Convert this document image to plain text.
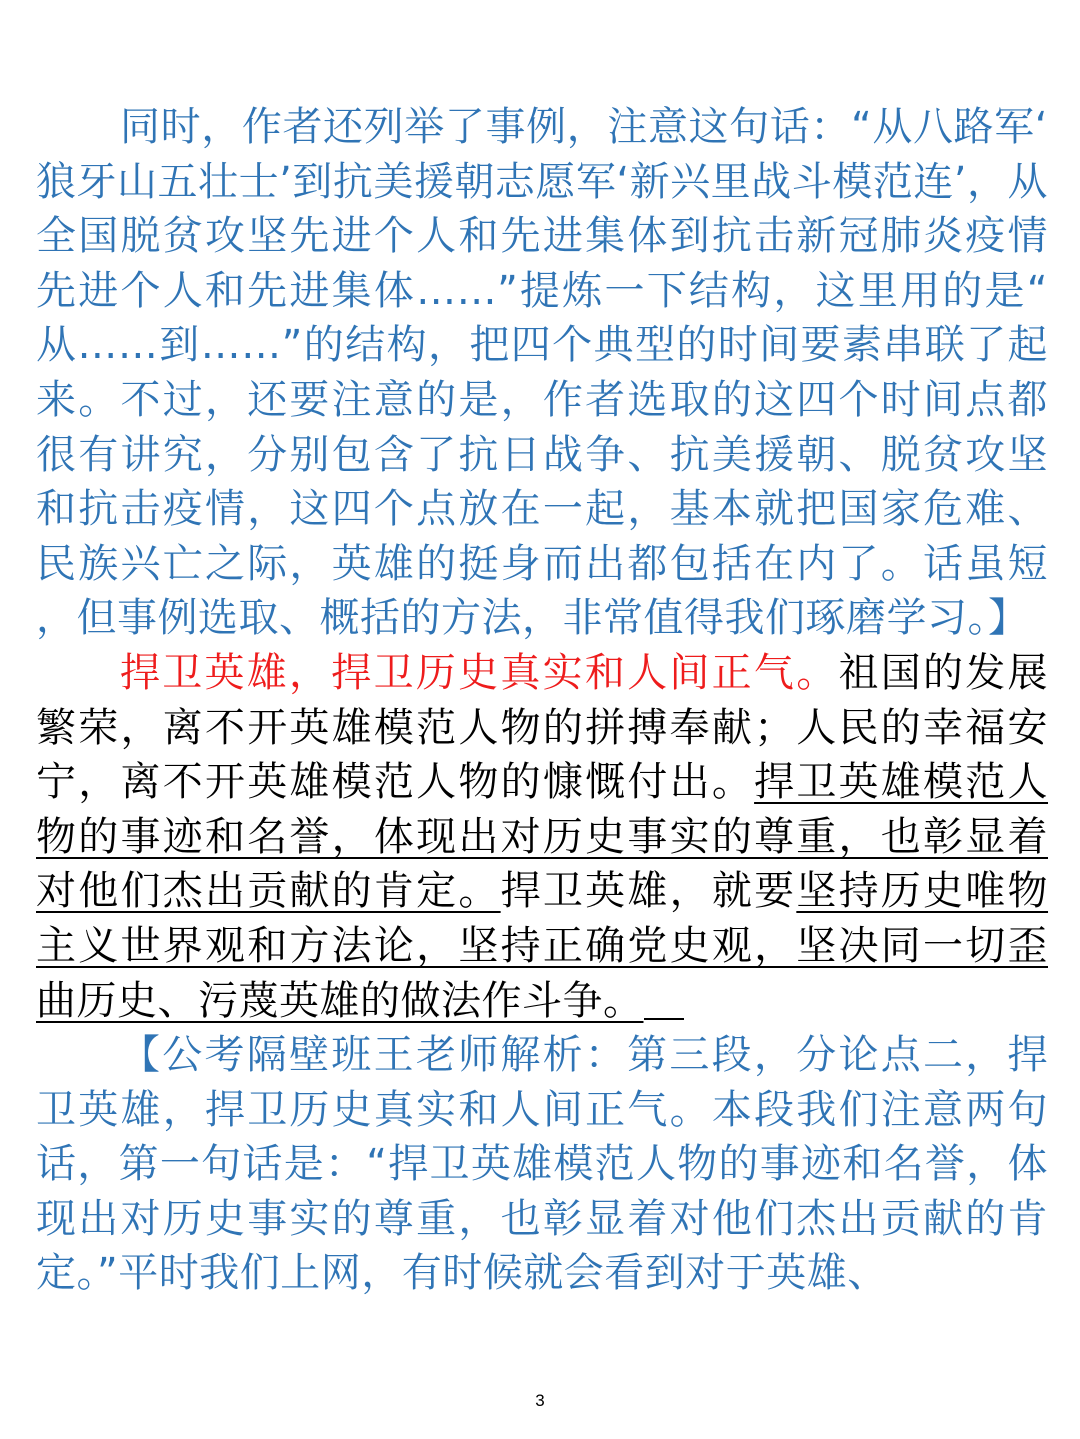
同时，作者还列举了事例，注意这句话：“从八路军‘狼牙山五壮士’到抗美援朝志愿军‘新兴里战斗模范连’，从全国脱贫攻坚先进个人和先进集体到抗击新冠肺炎疫情先进个人和先进集体……”提炼一下结构，这里用的是“从……到……”的结构，把四个典型的时间要素串联了起来。不过，还要注意的是，作者选取的这四个时间点都很有讲究，分别包含了抗日战争、抗美援朝、脱贫攻坚和抗击疫情，这四个点放在一起，基本就把国家危难、民族兴亡之际，英雄的挺身而出都包括在内了。话虽短，但事例选取、概括的方法，非常值得我们琢磨学习。】

捍卫英雄，捍卫历史真实和人间正气。祖国的发展繁荣，离不开英雄模范人物的拼搏奉献；人民的幸福安宁，离不开英雄模范人物的慷慨付出。捍卫英雄模范人物的事迹和名誉，体现出对历史事实的尊重，也彰显着对他们杰出贡献的肯定。捍卫英雄，就要坚持历史唯物主义世界观和方法论，坚持正确党史观，坚决同一切歪曲历史、污蔑英雄的做法作斗争。

【公考隔壁班王老师解析：第三段，分论点二，捍卫英雄，捍卫历史真实和人间正气。本段我们注意两句话，第一句话是：“捍卫英雄模范人物的事迹和名誉，体现出对历史事实的尊重，也彰显着对他们杰出贡献的肯定。”平时我们上网，有时候就会看到对于英雄、

3
